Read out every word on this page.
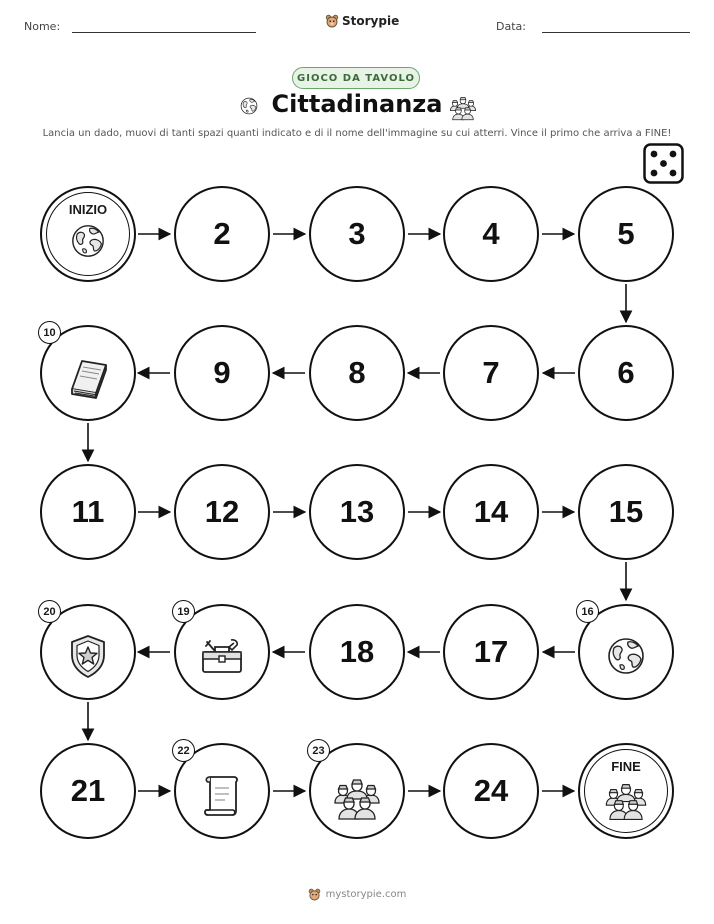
Nome:	Storypie	Data:
GIOCO DA TAVOLO
Cittadinanza
Lancia un dado, muovi di tanti spazi quanti indicato e di il nome dell'immagine su cui atterri. Vince il primo che arriva a FINE!
INIZIO
2	3	4	5
10
9	8	7	6
11	12	13	14	15
20	19
18	17
16
21
22	23
24
FINE
mystorypie.com
